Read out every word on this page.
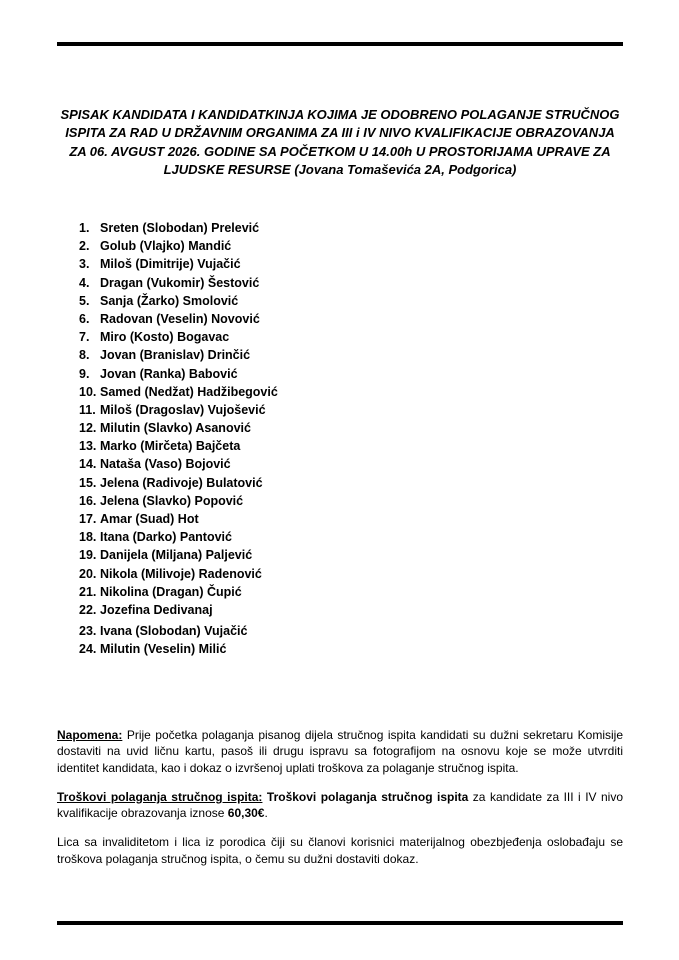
SPISAK KANDIDATA I KANDIDATKINJA KOJIMA JE ODOBRENO POLAGANJE STRUČNOG ISPITA ZA RAD U DRŽAVNIM ORGANIMA ZA III i IV NIVO KVALIFIKACIJE OBRAZOVANJA ZA 06. AVGUST 2026. GODINE SA POČETKOM U 14.00h U PROSTORIJAMA UPRAVE ZA LJUDSKE RESURSE (Jovana Tomaševića 2A, Podgorica)
1. Sreten (Slobodan) Prelević
2. Golub (Vlajko) Mandić
3. Miloš (Dimitrije) Vujačić
4. Dragan (Vukomir) Šestović
5. Sanja (Žarko) Smolović
6. Radovan (Veselin) Novović
7. Miro (Kosto) Bogavac
8. Jovan (Branislav) Drinčić
9. Jovan (Ranka) Babović
10. Samed (Nedžat) Hadžibegović
11. Miloš (Dragoslav) Vujošević
12. Milutin (Slavko) Asanović
13. Marko (Mirčeta) Bajčeta
14. Nataša (Vaso) Bojović
15. Jelena (Radivoje) Bulatović
16. Jelena (Slavko) Popović
17. Amar (Suad) Hot
18. Itana (Darko) Pantović
19. Danijela (Miljana) Paljević
20. Nikola (Milivoje) Radenović
21. Nikolina (Dragan) Čupić
22. Jozefina Dedivanaj
23. Ivana (Slobodan) Vujačić
24. Milutin (Veselin) Milić

Napomena: Prije početka polaganja pisanog dijela stručnog ispita kandidati su dužni sekretaru Komisije dostaviti na uvid ličnu kartu, pasoš ili drugu ispravu sa fotografijom na osnovu koje se može utvrditi identitet kandidata, kao i dokaz o izvršenoj uplati troškova za polaganje stručnog ispita.

Troškovi polaganja stručnog ispita: Troškovi polaganja stručnog ispita za kandidate za III i IV nivo kvalifikacije obrazovanja iznose 60,30€.

Lica sa invaliditetom i lica iz porodica čiji su članovi korisnici materijalnog obezbjeđenja oslobađaju se troškova polaganja stručnog ispita, o čemu su dužni dostaviti dokaz.
